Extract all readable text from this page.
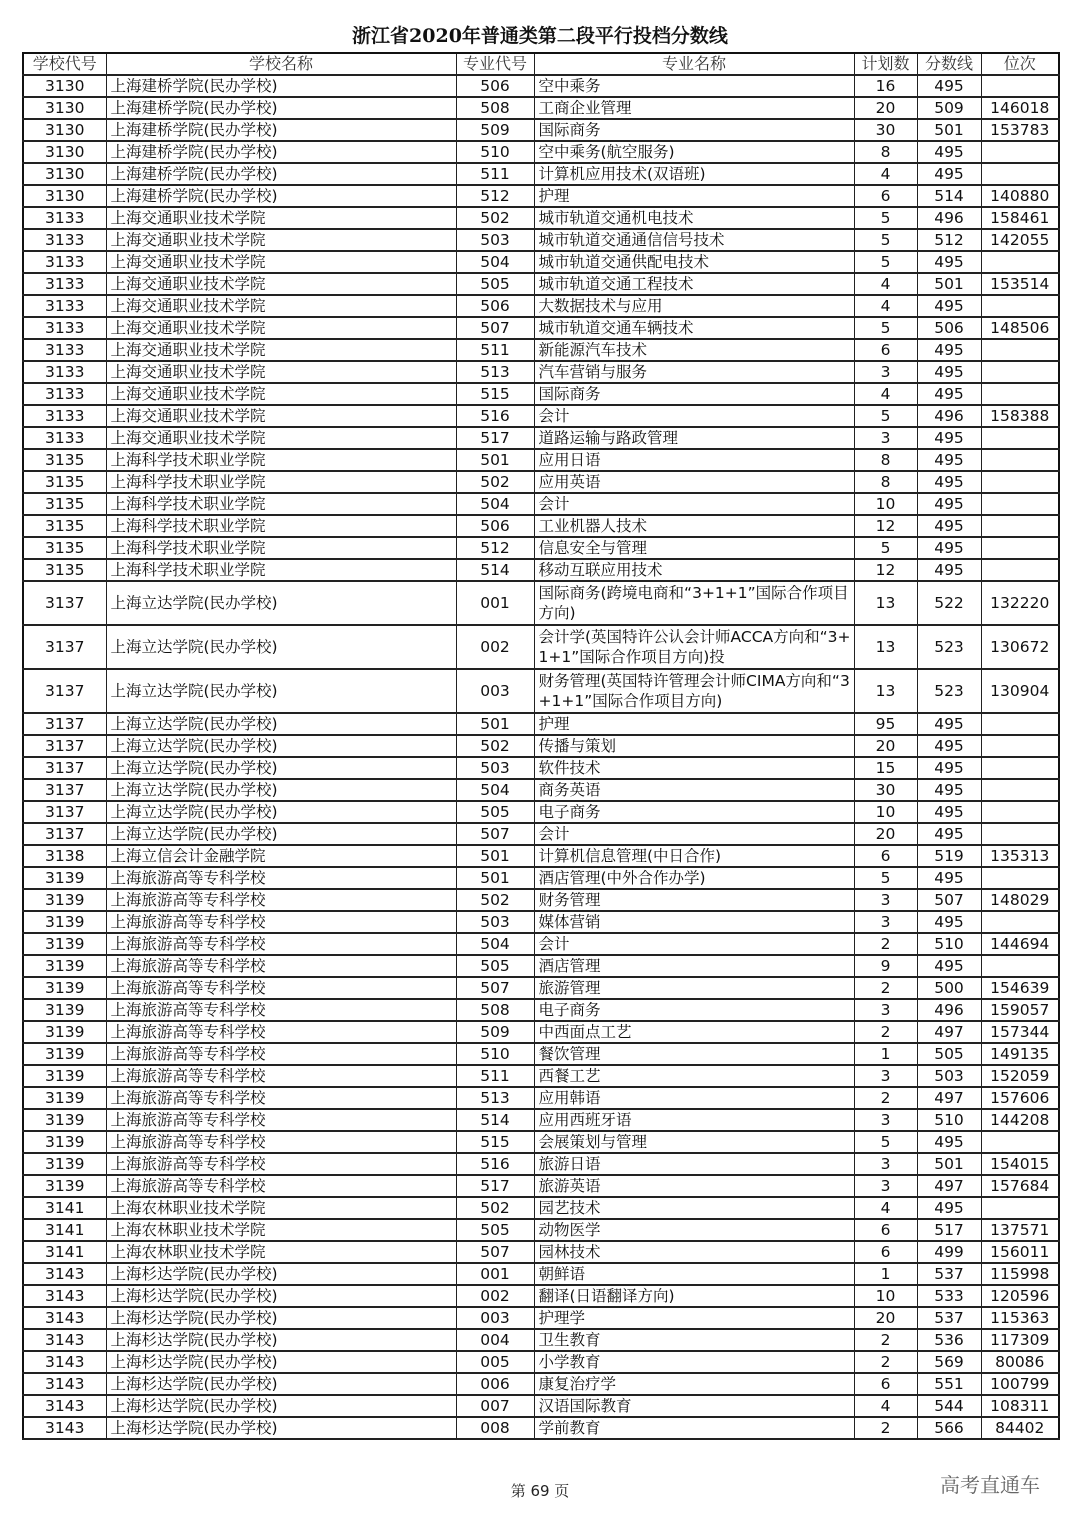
浙江省2020年普通类第二段平行投档分数线
学校代号	学校名称	专业代号	专业名称	计划数	分数线	位次

3130	上海建桥学院(民办学校)	506	空中乘务	16	495	

3130	上海建桥学院(民办学校)	508	工商企业管理	20	509	146018

3130	上海建桥学院(民办学校)	509	国际商务	30	501	153783

3130	上海建桥学院(民办学校)	510	空中乘务(航空服务)	8	495	

3130	上海建桥学院(民办学校)	511	计算机应用技术(双语班)	4	495	

3130	上海建桥学院(民办学校)	512	护理	6	514	140880

3133	上海交通职业技术学院	502	城市轨道交通机电技术	5	496	158461

3133	上海交通职业技术学院	503	城市轨道交通通信信号技术	5	512	142055

3133	上海交通职业技术学院	504	城市轨道交通供配电技术	5	495	

3133	上海交通职业技术学院	505	城市轨道交通工程技术	4	501	153514

3133	上海交通职业技术学院	506	大数据技术与应用	4	495	

3133	上海交通职业技术学院	507	城市轨道交通车辆技术	5	506	148506

3133	上海交通职业技术学院	511	新能源汽车技术	6	495	

3133	上海交通职业技术学院	513	汽车营销与服务	3	495	

3133	上海交通职业技术学院	515	国际商务	4	495	

3133	上海交通职业技术学院	516	会计	5	496	158388

3133	上海交通职业技术学院	517	道路运输与路政管理	3	495	

3135	上海科学技术职业学院	501	应用日语	8	495	

3135	上海科学技术职业学院	502	应用英语	8	495	

3135	上海科学技术职业学院	504	会计	10	495	

3135	上海科学技术职业学院	506	工业机器人技术	12	495	

3135	上海科学技术职业学院	512	信息安全与管理	5	495	

3135	上海科学技术职业学院	514	移动互联应用技术	12	495	

3137	上海立达学院(民办学校)	001	国际商务(跨境电商和“3+1+1”国际合作项目方向)	13	522	132220

3137	上海立达学院(民办学校)	002	会计学(英国特许公认会计师ACCA方向和“3+1+1”国际合作项目方向)投	13	523	130672

3137	上海立达学院(民办学校)	003	财务管理(英国特许管理会计师CIMA方向和“3+1+1”国际合作项目方向)	13	523	130904

3137	上海立达学院(民办学校)	501	护理	95	495	

3137	上海立达学院(民办学校)	502	传播与策划	20	495	

3137	上海立达学院(民办学校)	503	软件技术	15	495	

3137	上海立达学院(民办学校)	504	商务英语	30	495	

3137	上海立达学院(民办学校)	505	电子商务	10	495	

3137	上海立达学院(民办学校)	507	会计	20	495	

3138	上海立信会计金融学院	501	计算机信息管理(中日合作)	6	519	135313

3139	上海旅游高等专科学校	501	酒店管理(中外合作办学)	5	495	

3139	上海旅游高等专科学校	502	财务管理	3	507	148029

3139	上海旅游高等专科学校	503	媒体营销	3	495	

3139	上海旅游高等专科学校	504	会计	2	510	144694

3139	上海旅游高等专科学校	505	酒店管理	9	495	

3139	上海旅游高等专科学校	507	旅游管理	2	500	154639

3139	上海旅游高等专科学校	508	电子商务	3	496	159057

3139	上海旅游高等专科学校	509	中西面点工艺	2	497	157344

3139	上海旅游高等专科学校	510	餐饮管理	1	505	149135

3139	上海旅游高等专科学校	511	西餐工艺	3	503	152059

3139	上海旅游高等专科学校	513	应用韩语	2	497	157606

3139	上海旅游高等专科学校	514	应用西班牙语	3	510	144208

3139	上海旅游高等专科学校	515	会展策划与管理	5	495	

3139	上海旅游高等专科学校	516	旅游日语	3	501	154015

3139	上海旅游高等专科学校	517	旅游英语	3	497	157684

3141	上海农林职业技术学院	502	园艺技术	4	495	

3141	上海农林职业技术学院	505	动物医学	6	517	137571

3141	上海农林职业技术学院	507	园林技术	6	499	156011

3143	上海杉达学院(民办学校)	001	朝鲜语	1	537	115998

3143	上海杉达学院(民办学校)	002	翻译(日语翻译方向)	10	533	120596

3143	上海杉达学院(民办学校)	003	护理学	20	537	115363

3143	上海杉达学院(民办学校)	004	卫生教育	2	536	117309

3143	上海杉达学院(民办学校)	005	小学教育	2	569	80086

3143	上海杉达学院(民办学校)	006	康复治疗学	6	551	100799

3143	上海杉达学院(民办学校)	007	汉语国际教育	4	544	108311

3143	上海杉达学院(民办学校)	008	学前教育	2	566	84402
第 69 页	高考直通车
